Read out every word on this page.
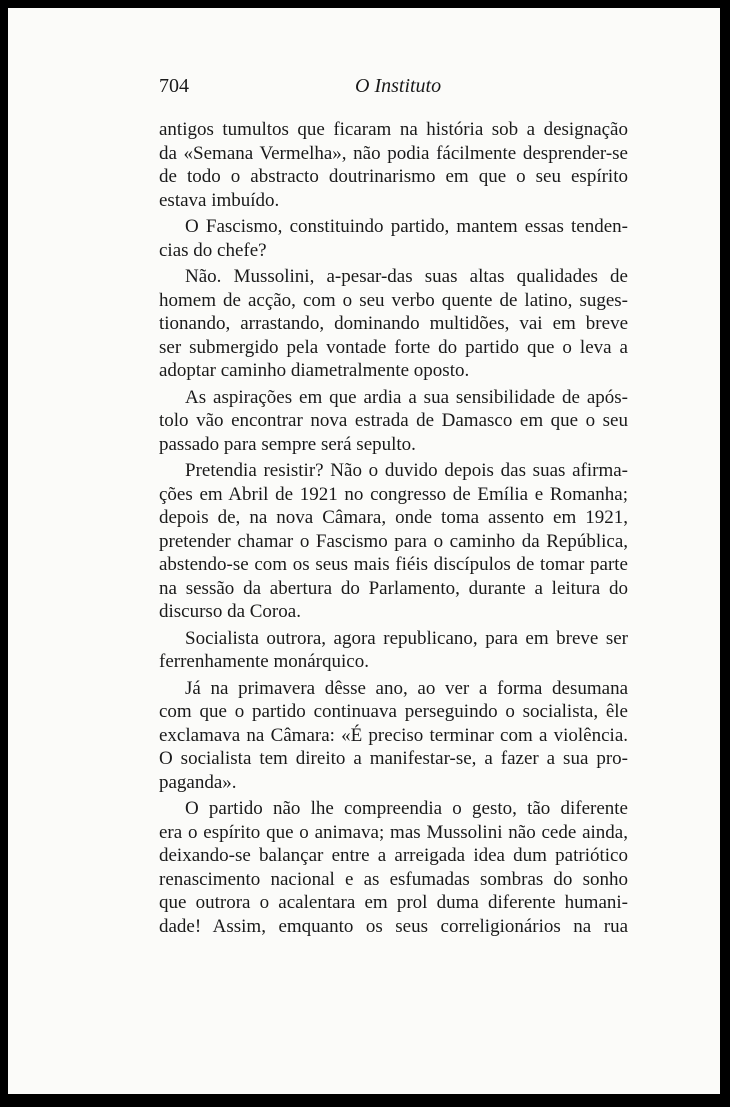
704	O Instituto
antigos tumultos que ficaram na história sob a designação
da «Semana Vermelha», não podia fácilmente desprender-se
de todo o abstracto doutrinarismo em que o seu espírito
estava imbuído.
O Fascismo, constituindo partido, mantem essas tenden-
cias do chefe?
Não. Mussolini, a-pesar-das suas altas qualidades de
homem de acção, com o seu verbo quente de latino, suges-
tionando, arrastando, dominando multidões, vai em breve
ser submergido pela vontade forte do partido que o leva a
adoptar caminho diametralmente oposto.
As aspirações em que ardia a sua sensibilidade de após-
tolo vão encontrar nova estrada de Damasco em que o seu
passado para sempre será sepulto.
Pretendia resistir? Não o duvido depois das suas afirma-
ções em Abril de 1921 no congresso de Emília e Romanha;
depois de, na nova Câmara, onde toma assento em 1921,
pretender chamar o Fascismo para o caminho da República,
abstendo-se com os seus mais fiéis discípulos de tomar parte
na sessão da abertura do Parlamento, durante a leitura do
discurso da Coroa.
Socialista outrora, agora republicano, para em breve ser
ferrenhamente monárquico.
Já na primavera dêsse ano, ao ver a forma desumana
com que o partido continuava perseguindo o socialista, êle
exclamava na Câmara: «É preciso terminar com a violência.
O socialista tem direito a manifestar-se, a fazer a sua pro-
paganda».
O partido não lhe compreendia o gesto, tão diferente
era o espírito que o animava; mas Mussolini não cede ainda,
deixando-se balançar entre a arreigada idea dum patriótico
renascimento nacional e as esfumadas sombras do sonho
que outrora o acalentara em prol duma diferente humani-
dade! Assim, emquanto os seus correligionários na rua
